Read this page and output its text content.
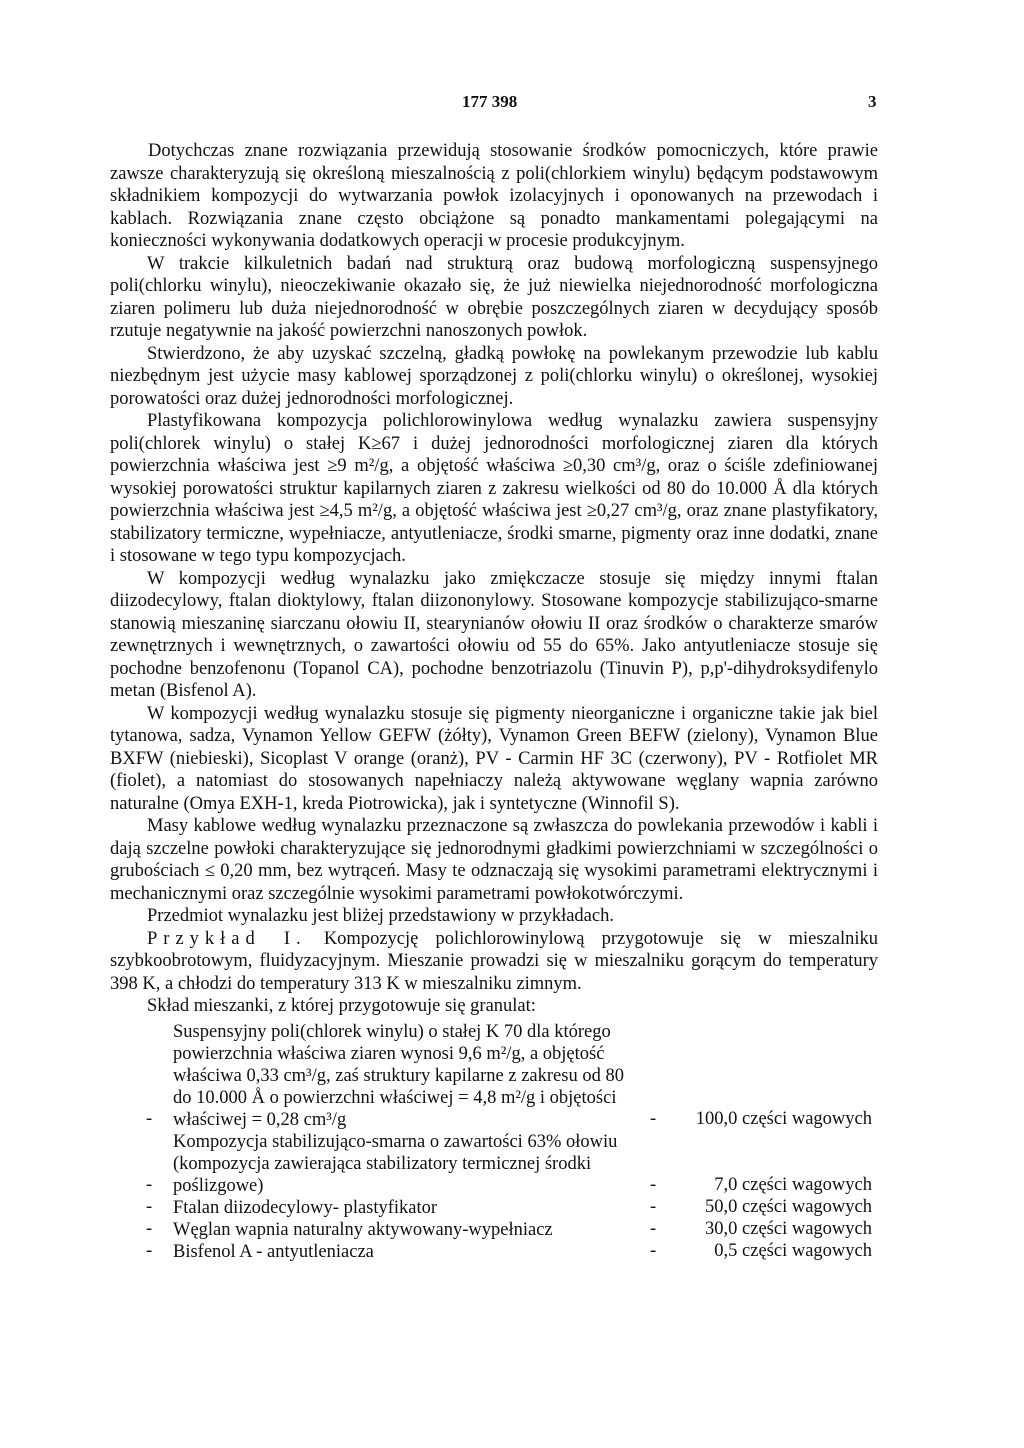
177 398	3

Dotychczas znane rozwiązania przewidują stosowanie środków pomocniczych, które prawie zawsze charakteryzują się określoną mieszalnością z poli(chlorkiem winylu) będącym podstawowym składnikiem kompozycji do wytwarzania powłok izolacyjnych i oponowanych na przewodach i kablach. Rozwiązania znane często obciążone są ponadto mankamentami polegającymi na konieczności wykonywania dodatkowych operacji w procesie produkcyjnym.

W trakcie kilkuletnich badań nad strukturą oraz budową morfologiczną suspensyjnego poli(chlorku winylu), nieoczekiwanie okazało się, że już niewielka niejednorodność morfologiczna ziaren polimeru lub duża niejednorodność w obrębie poszczególnych ziaren w decydujący sposób rzutuje negatywnie na jakość powierzchni nanoszonych powłok.

Stwierdzono, że aby uzyskać szczelną, gładką powłokę na powlekanym przewodzie lub kablu niezbędnym jest użycie masy kablowej sporządzonej z poli(chlorku winylu) o określonej, wysokiej porowatości oraz dużej jednorodności morfologicznej.

Plastyfikowana kompozycja polichlorowinylowa według wynalazku zawiera suspensyjny poli(chlorek winylu) o stałej K≥67 i dużej jednorodności morfologicznej ziaren dla których powierzchnia właściwa jest ≥9 m²/g, a objętość właściwa ≥0,30 cm³/g, oraz o ściśle zdefiniowanej wysokiej porowatości struktur kapilarnych ziaren z zakresu wielkości od 80 do 10.000 Å dla których powierzchnia właściwa jest ≥4,5 m²/g, a objętość właściwa jest ≥0,27 cm³/g, oraz znane plastyfikatory, stabilizatory termiczne, wypełniacze, antyutleniacze, środki smarne, pigmenty oraz inne dodatki, znane i stosowane w tego typu kompozycjach.

W kompozycji według wynalazku jako zmiękczacze stosuje się między innymi ftalan diizodecylowy, ftalan dioktylowy, ftalan diizononylowy. Stosowane kompozycje stabilizująco-smarne stanowią mieszaninę siarczanu ołowiu II, stearynianów ołowiu II oraz środków o charakterze smarów zewnętrznych i wewnętrznych, o zawartości ołowiu od 55 do 65%. Jako antyutleniacze stosuje się pochodne benzofenonu (Topanol CA), pochodne benzotriazolu (Tinuvin P), p,p'-dihydroksydifenylo metan (Bisfenol A).

W kompozycji według wynalazku stosuje się pigmenty nieorganiczne i organiczne takie jak biel tytanowa, sadza, Vynamon Yellow GEFW (żółty), Vynamon Green BEFW (zielony), Vynamon Blue BXFW (niebieski), Sicoplast V orange (oranż), PV - Carmin HF 3C (czerwony), PV - Rotfiolet MR (fiolet), a natomiast do stosowanych napełniaczy należą aktywowane węglany wapnia zarówno naturalne (Omya EXH-1, kreda Piotrowicka), jak i syntetyczne (Winnofil S).

Masy kablowe według wynalazku przeznaczone są zwłaszcza do powlekania przewodów i kabli i dają szczelne powłoki charakteryzujące się jednorodnymi gładkimi powierzchniami w szczególności o grubościach ≤ 0,20 mm, bez wytrąceń. Masy te odznaczają się wysokimi parametrami elektrycznymi i mechanicznymi oraz szczególnie wysokimi parametrami powłokotwórczymi.

Przedmiot wynalazku jest bliżej przedstawiony w przykładach.

Przykład I. Kompozycję polichlorowinylową przygotowuje się w mieszalniku szybkoobrotowym, fluidyzacyjnym. Mieszanie prowadzi się w mieszalniku gorącym do temperatury 398 K, a chłodzi do temperatury 313 K w mieszalniku zimnym.

Skład mieszanki, z której przygotowuje się granulat:

-
Suspensyjny poli(chlorek winylu) o stałej K 70 dla którego powierzchnia właściwa ziaren wynosi 9,6 m²/g, a objętość właściwa 0,33 cm³/g, zaś struktury kapilarne z zakresu od 80 do 10.000 Å o powierzchni właściwej = 4,8 m²/g i objętości właściwej = 0,28 cm³/g	- 100,0 części wagowych
-
Kompozycja stabilizująco-smarna o zawartości 63% ołowiu (kompozycja zawierająca stabilizatory termicznej środki poślizgowe)	-	7,0 części wagowych
- Ftalan diizodecylowy- plastyfikator	-	50,0 części wagowych
- Węglan wapnia naturalny aktywowany-wypełniacz	-	30,0 części wagowych
- Bisfenol A - antyutleniacza	-	0,5 części wagowych
